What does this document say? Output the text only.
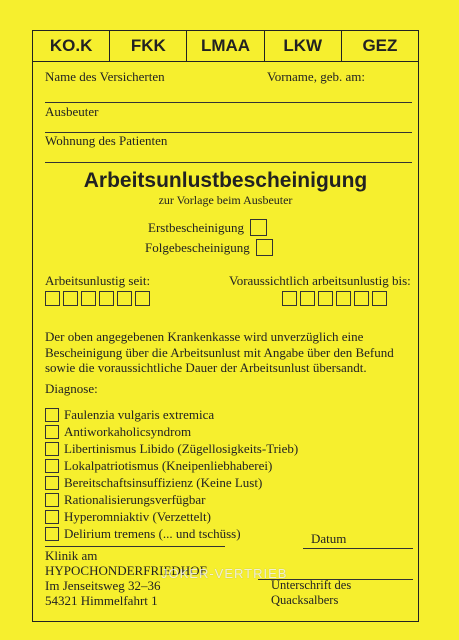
KO.K	FKK	LMAA	LKW	GEZ
Name des Versicherten	Vorname, geb. am:
Ausbeuter
Wohnung des Patienten
Arbeitsunlustbescheinigung
zur Vorlage beim Ausbeuter
Erstbescheinigung
Folgebescheinigung
Arbeitsunlustig seit:	Voraussichtlich arbeitsunlustig bis:
Der oben angegebenen Krankenkasse wird unverzüglich eine Bescheinigung über die Arbeitsunlust mit Angabe über den Befund sowie die voraussichtliche Dauer der Arbeitsunlust übersandt.
Diagnose:
Faulenzia vulgaris extremica
Antiworkaholicsyndrom
Libertinismus Libido (Zügellosigkeits-Trieb)
Lokalpatriotismus (Kneipenliebhaberei)
Bereitschaftsinsuffizienz (Keine Lust)
Rationalisierungsverfügbar
Hyperomniaktiv (Verzettelt)
Delirium tremens (... und tschüss)	Datum
Klinik am
HYPOCHONDERFRIEDHOF
Im Jenseitsweg 32–36
54321 Himmelfahrt 1
Unterschrift des Quacksalbers
JOKER-VERTRIEB
